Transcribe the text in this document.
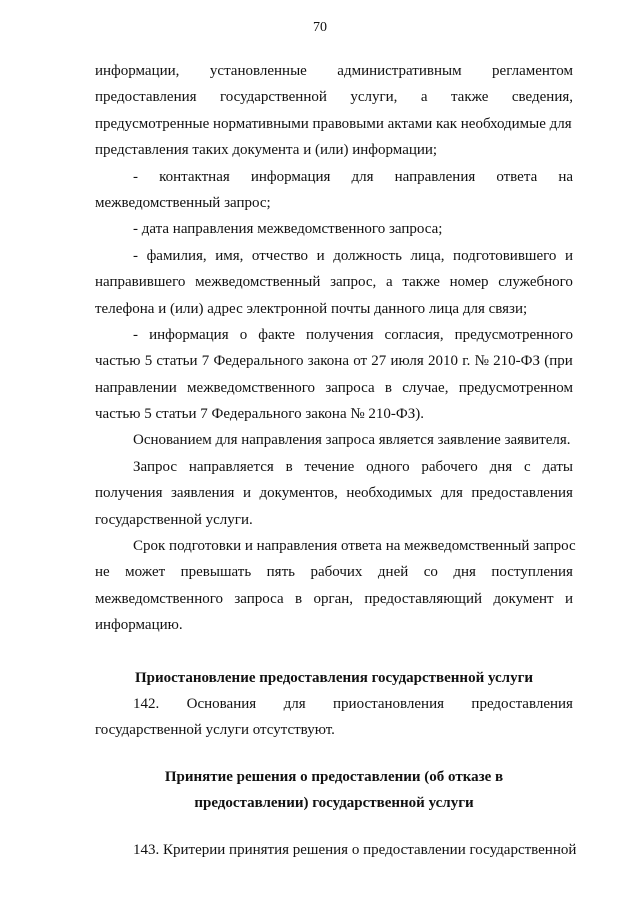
70
информации, установленные административным регламентом
предоставления государственной услуги, а также сведения,
предусмотренные нормативными правовыми актами как необходимые для
представления таких документа и (или) информации;
- контактная информация для направления ответа на
межведомственный запрос;
- дата направления межведомственного запроса;
- фамилия, имя, отчество и должность лица, подготовившего и
направившего межведомственный запрос, а также номер служебного
телефона и (или) адрес электронной почты данного лица для связи;
- информация о факте получения согласия, предусмотренного
частью 5 статьи 7 Федерального закона от 27 июля 2010 г. № 210-ФЗ (при
направлении межведомственного запроса в случае, предусмотренном
частью 5 статьи 7 Федерального закона № 210-ФЗ).
Основанием для направления запроса является заявление заявителя.
Запрос направляется в течение одного рабочего дня с даты
получения заявления и документов, необходимых для предоставления
государственной услуги.
Срок подготовки и направления ответа на межведомственный запрос
не может превышать пять рабочих дней со дня поступления
межведомственного запроса в орган, предоставляющий документ и
информацию.
Приостановление предоставления государственной услуги
142. Основания для приостановления предоставления
государственной услуги отсутствуют.
Принятие решения о предоставлении (об отказе в
предоставлении) государственной услуги
143. Критерии принятия решения о предоставлении государственной
